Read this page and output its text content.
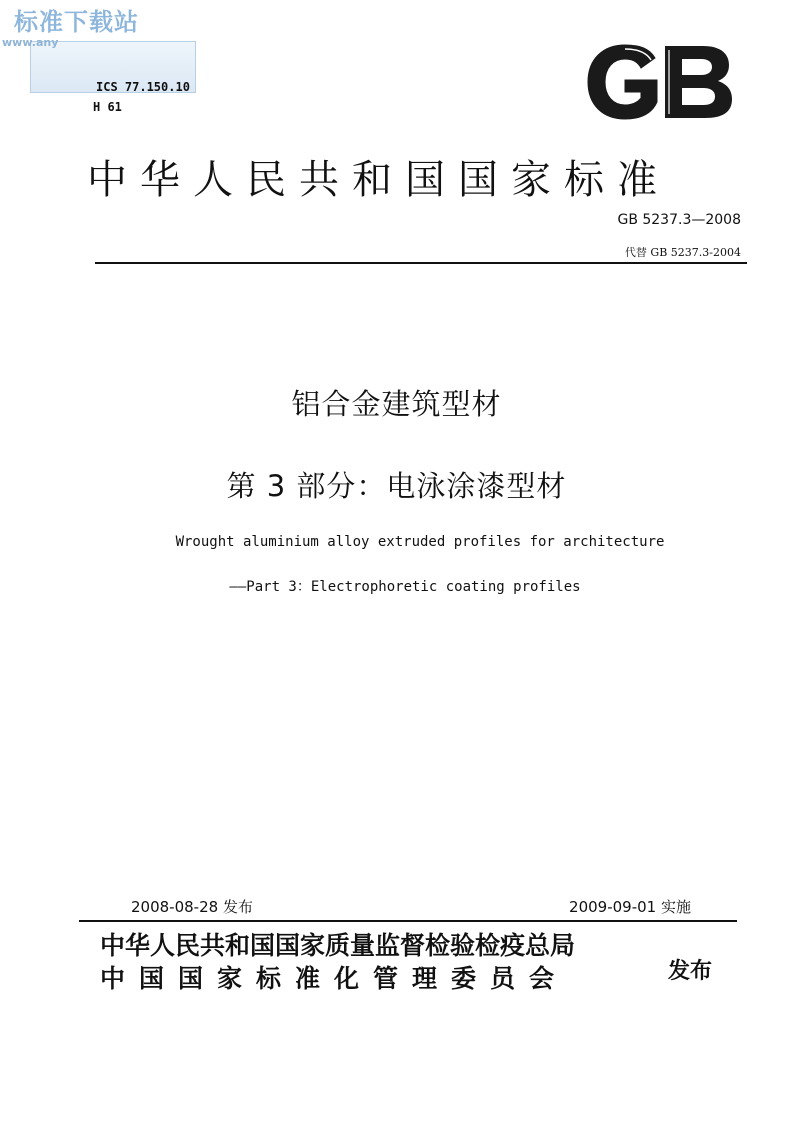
标准下载站
www.any
ICS 77.150.10
H 61
中华人民共和国国家标准
GB 5237.3—2008
代替 GB 5237.3-2004
铝合金建筑型材
第 3 部分：电泳涂漆型材
Wrought aluminium alloy extruded profiles for architecture
——Part 3：Electrophoretic coating profiles
2008-08-28 发布	2009-09-01 实施
中华人民共和国国家质量监督检验检疫总局
中国国家标准化管理委员会	发布
